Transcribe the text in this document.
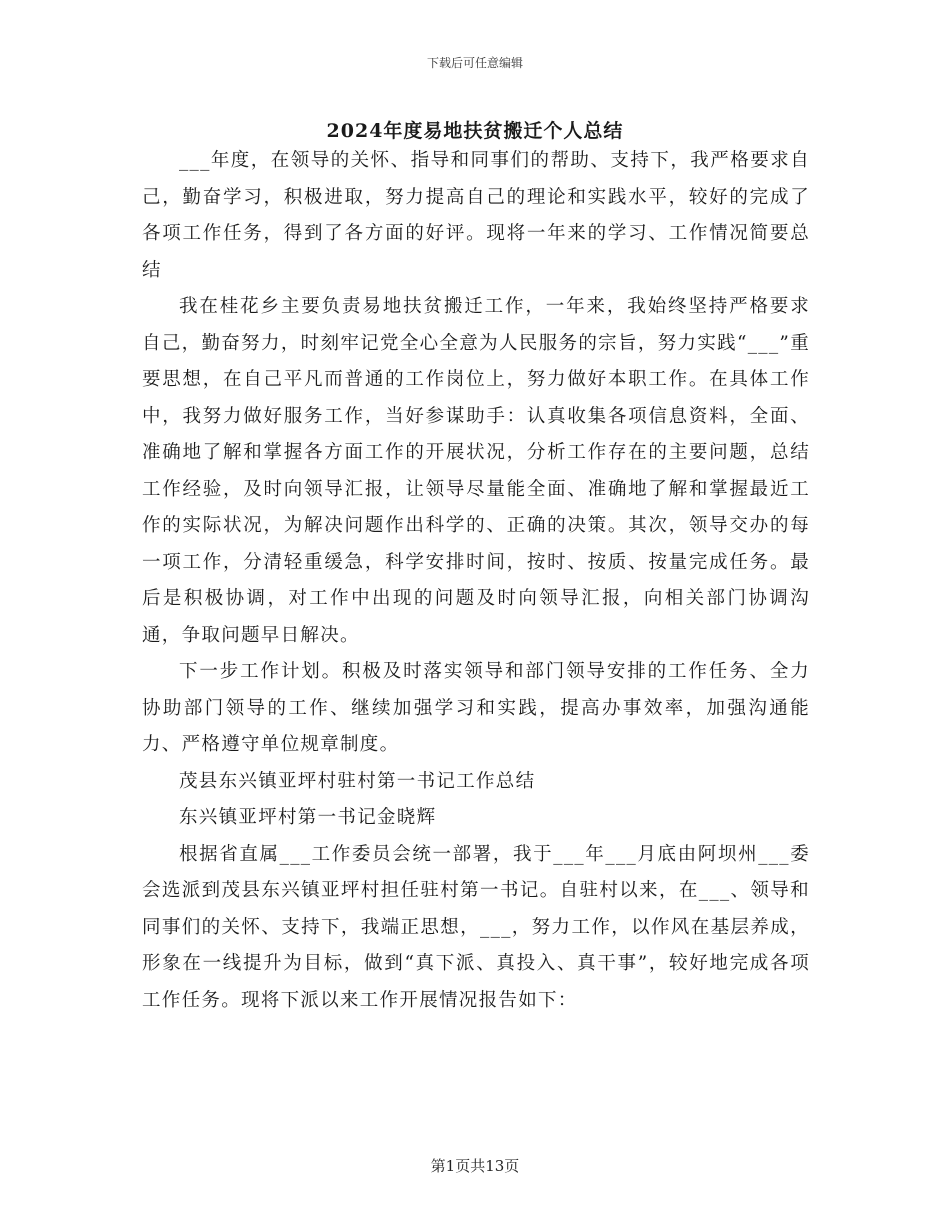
下载后可任意编辑
2024年度易地扶贫搬迁个人总结

___年度，在领导的关怀、指导和同事们的帮助、支持下，我严格要求自己，勤奋学习，积极进取，努力提高自己的理论和实践水平，较好的完成了各项工作任务，得到了各方面的好评。现将一年来的学习、工作情况简要总结

我在桂花乡主要负责易地扶贫搬迁工作，一年来，我始终坚持严格要求自己，勤奋努力，时刻牢记党全心全意为人民服务的宗旨，努力实践“___”重要思想，在自己平凡而普通的工作岗位上，努力做好本职工作。在具体工作中，我努力做好服务工作，当好参谋助手：认真收集各项信息资料，全面、准确地了解和掌握各方面工作的开展状况，分析工作存在的主要问题，总结工作经验，及时向领导汇报，让领导尽量能全面、准确地了解和掌握最近工作的实际状况，为解决问题作出科学的、正确的决策。其次，领导交办的每一项工作，分清轻重缓急，科学安排时间，按时、按质、按量完成任务。最后是积极协调，对工作中出现的问题及时向领导汇报，向相关部门协调沟通，争取问题早日解决。

下一步工作计划。积极及时落实领导和部门领导安排的工作任务、全力协助部门领导的工作、继续加强学习和实践，提高办事效率，加强沟通能力、严格遵守单位规章制度。

茂县东兴镇亚坪村驻村第一书记工作总结

东兴镇亚坪村第一书记金晓辉

根据省直属___工作委员会统一部署，我于___年___月底由阿坝州___委会选派到茂县东兴镇亚坪村担任驻村第一书记。自驻村以来，在___、领导和同事们的关怀、支持下，我端正思想，___，努力工作，以作风在基层养成，形象在一线提升为目标，做到“真下派、真投入、真干事”，较好地完成各项工作任务。现将下派以来工作开展情况报告如下：

第1页共13页
